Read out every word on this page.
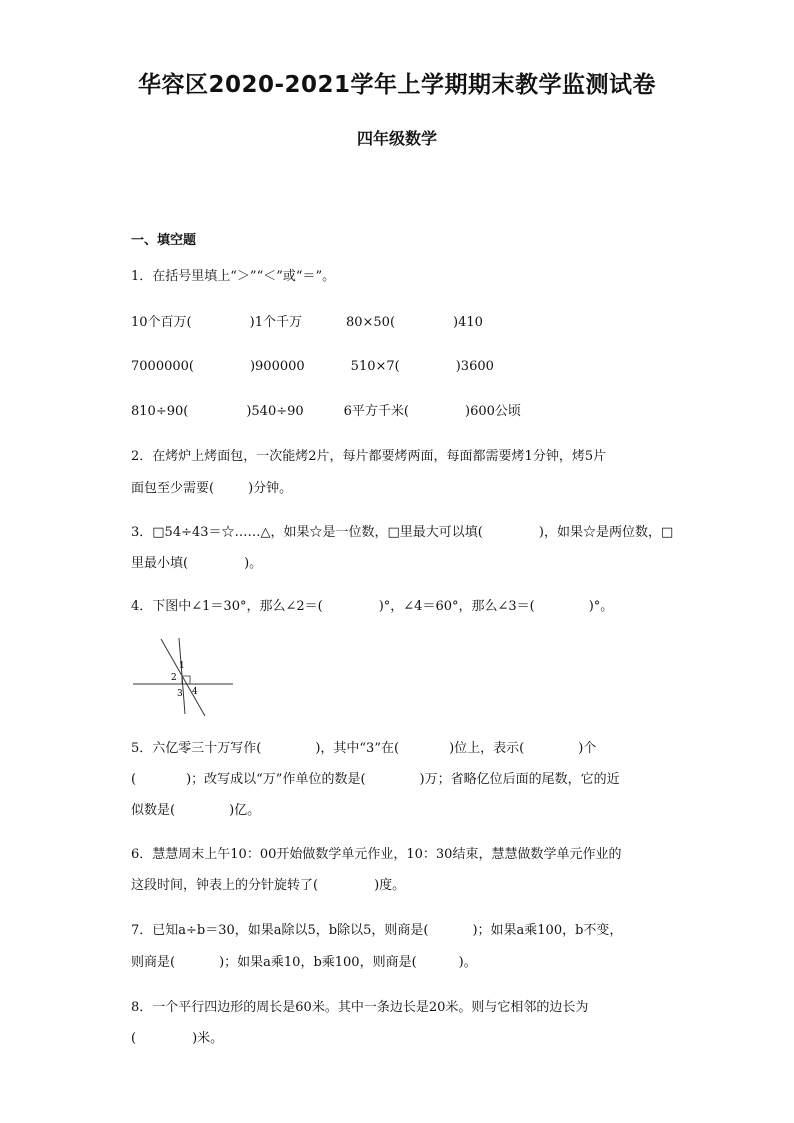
华容区2020-2021学年上学期期末教学监测试卷
四年级数学
一、填空题
1．在括号里填上“＞”“＜”或“＝”。
10个百万(	)1个千万	80×50(	)410
7000000(	)900000	510×7(	)3600
810÷90(	)540÷90	6平方千米(	)600公顷
2．在烤炉上烤面包，一次能烤2片，每片都要烤两面，每面都需要烤1分钟，烤5片
面包至少需要(	)分钟。
3．□54÷43＝☆……△，如果☆是一位数，□里最大可以填(	)，如果☆是两位数，□
里最小填(	)。
4．下图中∠1＝30°，那么∠2＝(	)°，∠4＝60°，那么∠3＝(	)°。
1
2
3 4
5．六亿零三十万写作(	)，其中“3”在(	)位上，表示(	)个
(	)；改写成以“万”作单位的数是(	)万；省略亿位后面的尾数，它的近
似数是(	)亿。
6．慧慧周末上午10：00开始做数学单元作业，10：30结束，慧慧做数学单元作业的
这段时间，钟表上的分针旋转了(	)度。
7．已知a÷b＝30，如果a除以5，b除以5，则商是(	)；如果a乘100，b不变，
则商是(	)；如果a乘10，b乘100，则商是(	)。
8．一个平行四边形的周长是60米。其中一条边长是20米。则与它相邻的边长为
(	)米。
